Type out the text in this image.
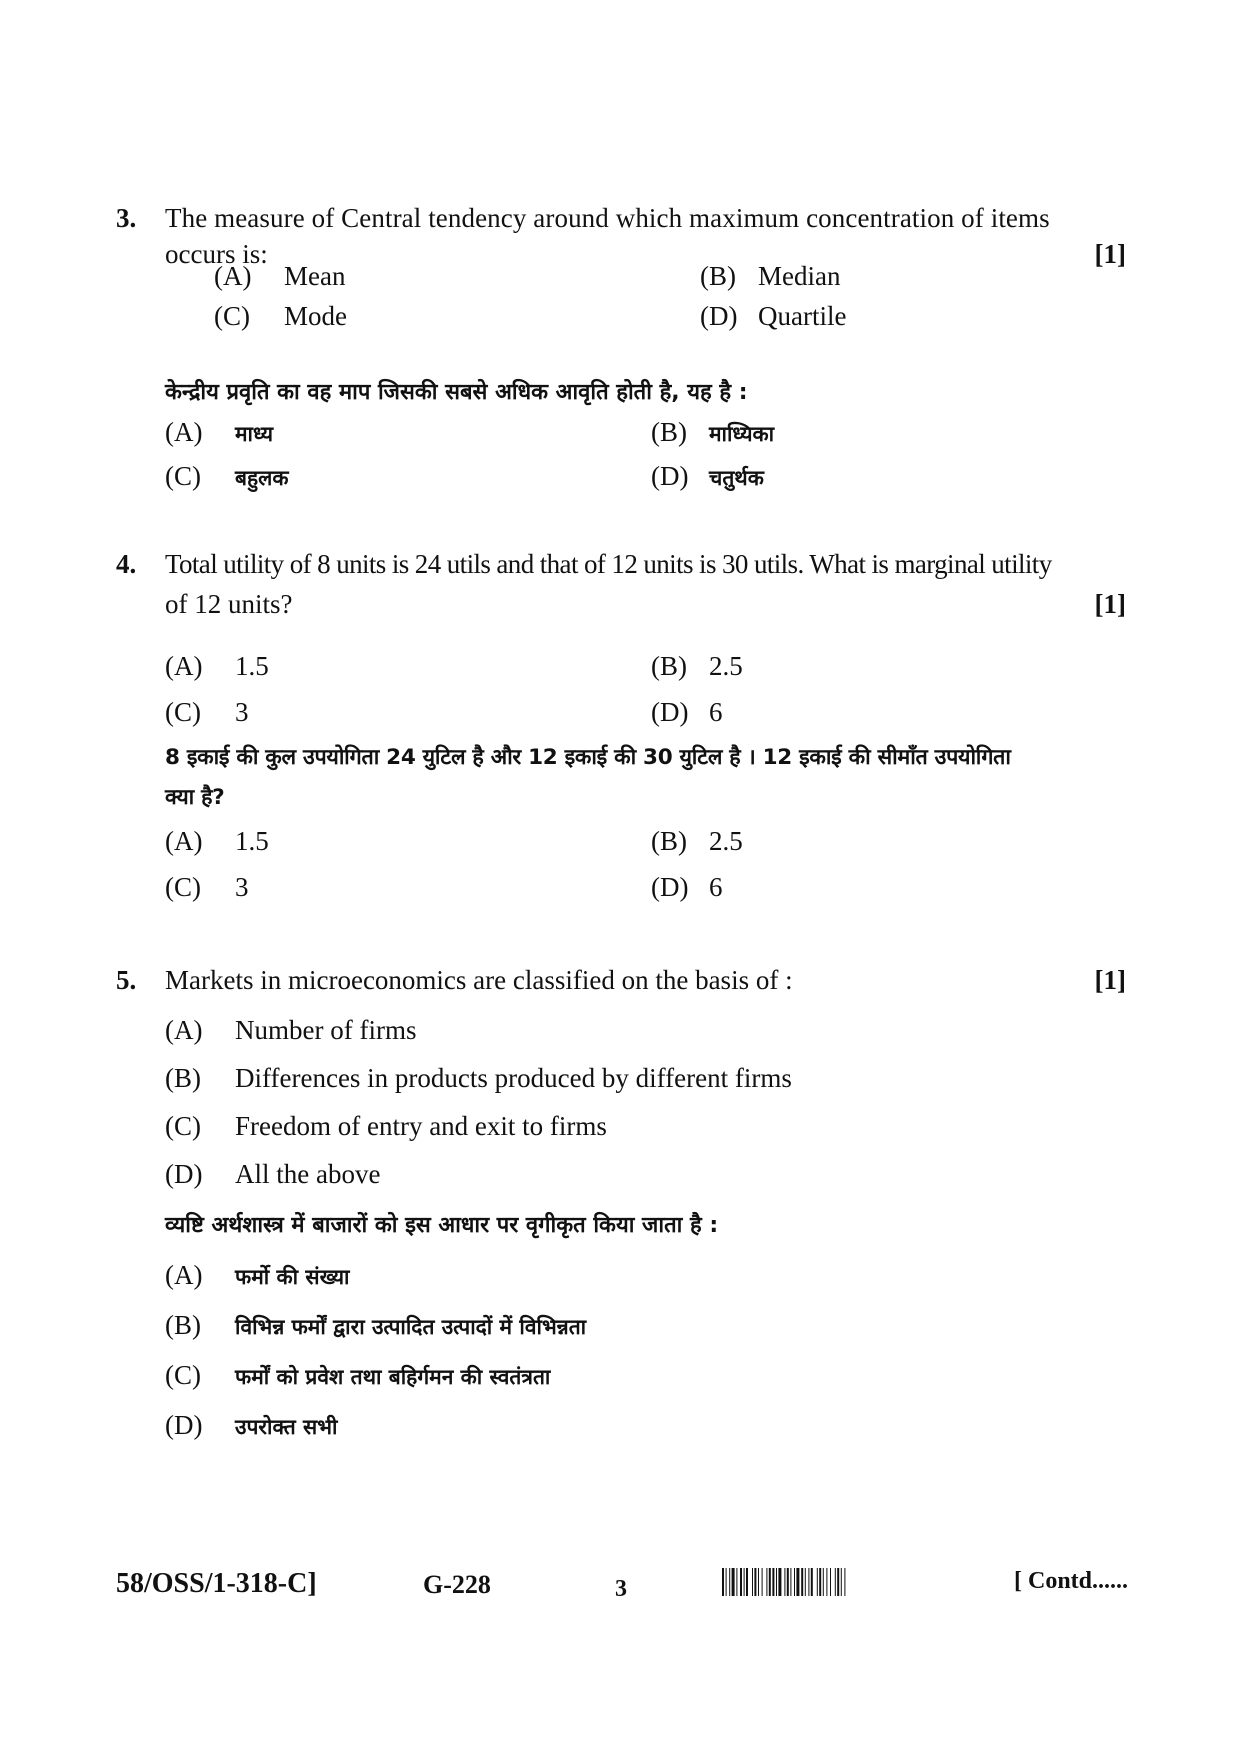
3. The measure of Central tendency around which maximum concentration of items
occurs is:	[1]
(A) Mean	(B) Median
(C) Mode	(D) Quartile
केन्द्रीय प्रवृति का वह माप जिसकी सबसे अधिक आवृति होती है, यह है :
(A) माध्य	(B) माध्यिका
(C) बहुलक	(D) चतुर्थक
4. Total utility of 8 units is 24 utils and that of 12 units is 30 utils. What is marginal utility
of 12 units?	[1]
(A) 1.5	(B) 2.5
(C) 3	(D) 6
8 इकाई की कुल उपयोगिता 24 युटिल है और 12 इकाई की 30 युटिल है । 12 इकाई की सीमाँत उपयोगिता
क्या है?
(A) 1.5	(B) 2.5
(C) 3	(D) 6
5. Markets in microeconomics are classified on the basis of :	[1]
(A) Number of firms
(B) Differences in products produced by different firms
(C) Freedom of entry and exit to firms
(D) All the above
व्यष्टि अर्थशास्त्र में बाजारों को इस आधार पर वृगीकृत किया जाता है :
(A) फर्मो की संख्या
(B) विभिन्न फर्मों द्वारा उत्पादित उत्पादों में विभिन्नता
(C) फर्मों को प्रवेश तथा बहिर्गमन की स्वतंत्रता
(D) उपरोक्त सभी
58/OSS/1-318-C]	G-228	3	[ Contd......
